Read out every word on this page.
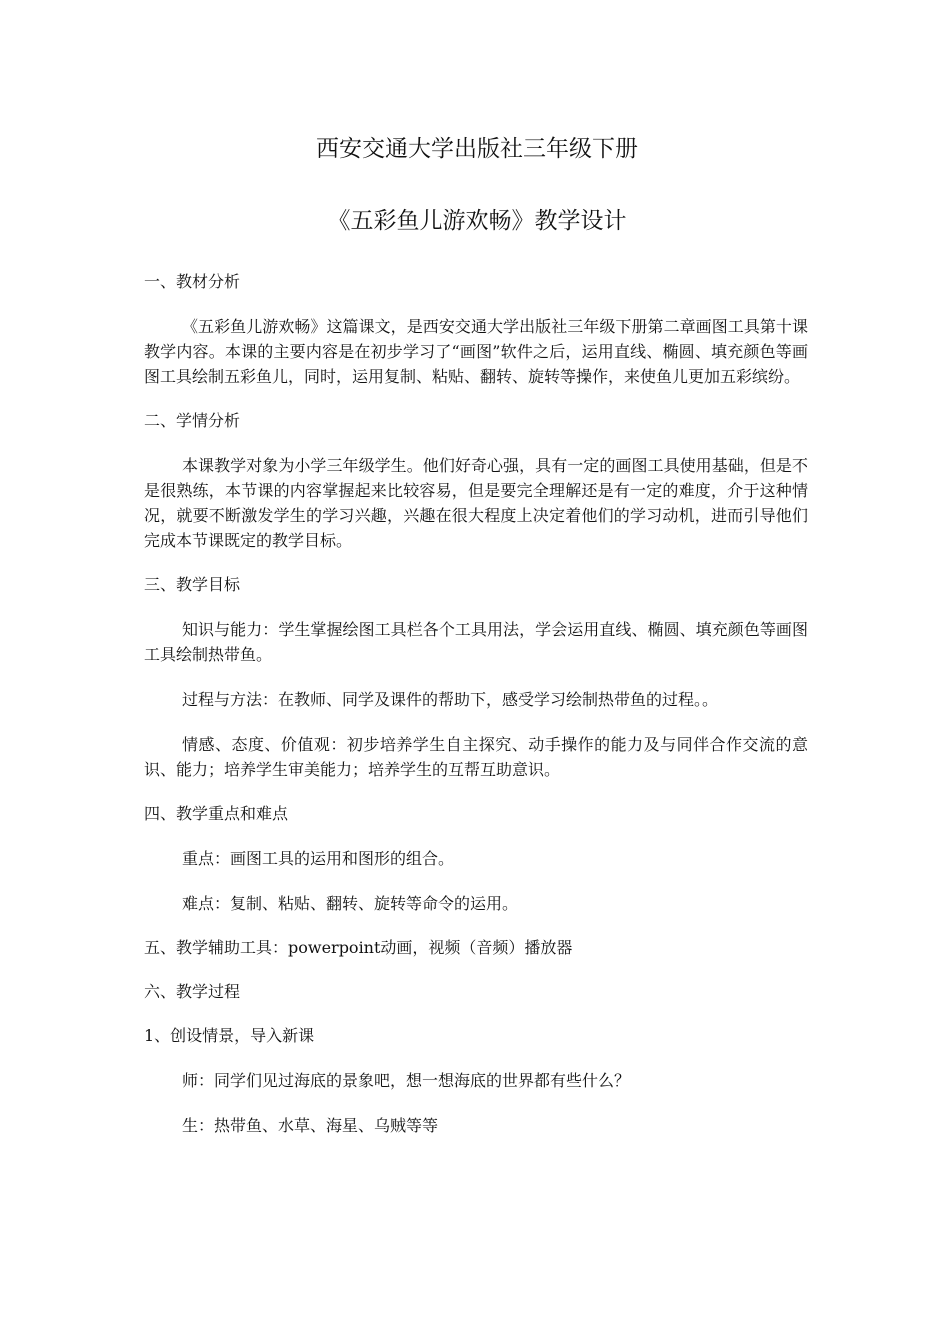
西安交通大学出版社三年级下册
《五彩鱼儿游欢畅》教学设计

一、教材分析

《五彩鱼儿游欢畅》这篇课文，是西安交通大学出版社三年级下册第二章画图工具第十课教学内容。本课的主要内容是在初步学习了“画图”软件之后，运用直线、椭圆、填充颜色等画图工具绘制五彩鱼儿，同时，运用复制、粘贴、翻转、旋转等操作，来使鱼儿更加五彩缤纷。

二、学情分析

本课教学对象为小学三年级学生。他们好奇心强，具有一定的画图工具使用基础，但是不是很熟练，本节课的内容掌握起来比较容易，但是要完全理解还是有一定的难度，介于这种情况，就要不断激发学生的学习兴趣，兴趣在很大程度上决定着他们的学习动机，进而引导他们完成本节课既定的教学目标。

三、教学目标

知识与能力：学生掌握绘图工具栏各个工具用法，学会运用直线、椭圆、填充颜色等画图工具绘制热带鱼。

过程与方法：在教师、同学及课件的帮助下，感受学习绘制热带鱼的过程。。

情感、态度、价值观：初步培养学生自主探究、动手操作的能力及与同伴合作交流的意识、能力；培养学生审美能力；培养学生的互帮互助意识。

四、教学重点和难点

重点：画图工具的运用和图形的组合。

难点：复制、粘贴、翻转、旋转等命令的运用。

五、教学辅助工具：powerpoint动画，视频（音频）播放器

六、教学过程

1、创设情景，导入新课

师：同学们见过海底的景象吧，想一想海底的世界都有些什么？

生：热带鱼、水草、海星、乌贼等等
